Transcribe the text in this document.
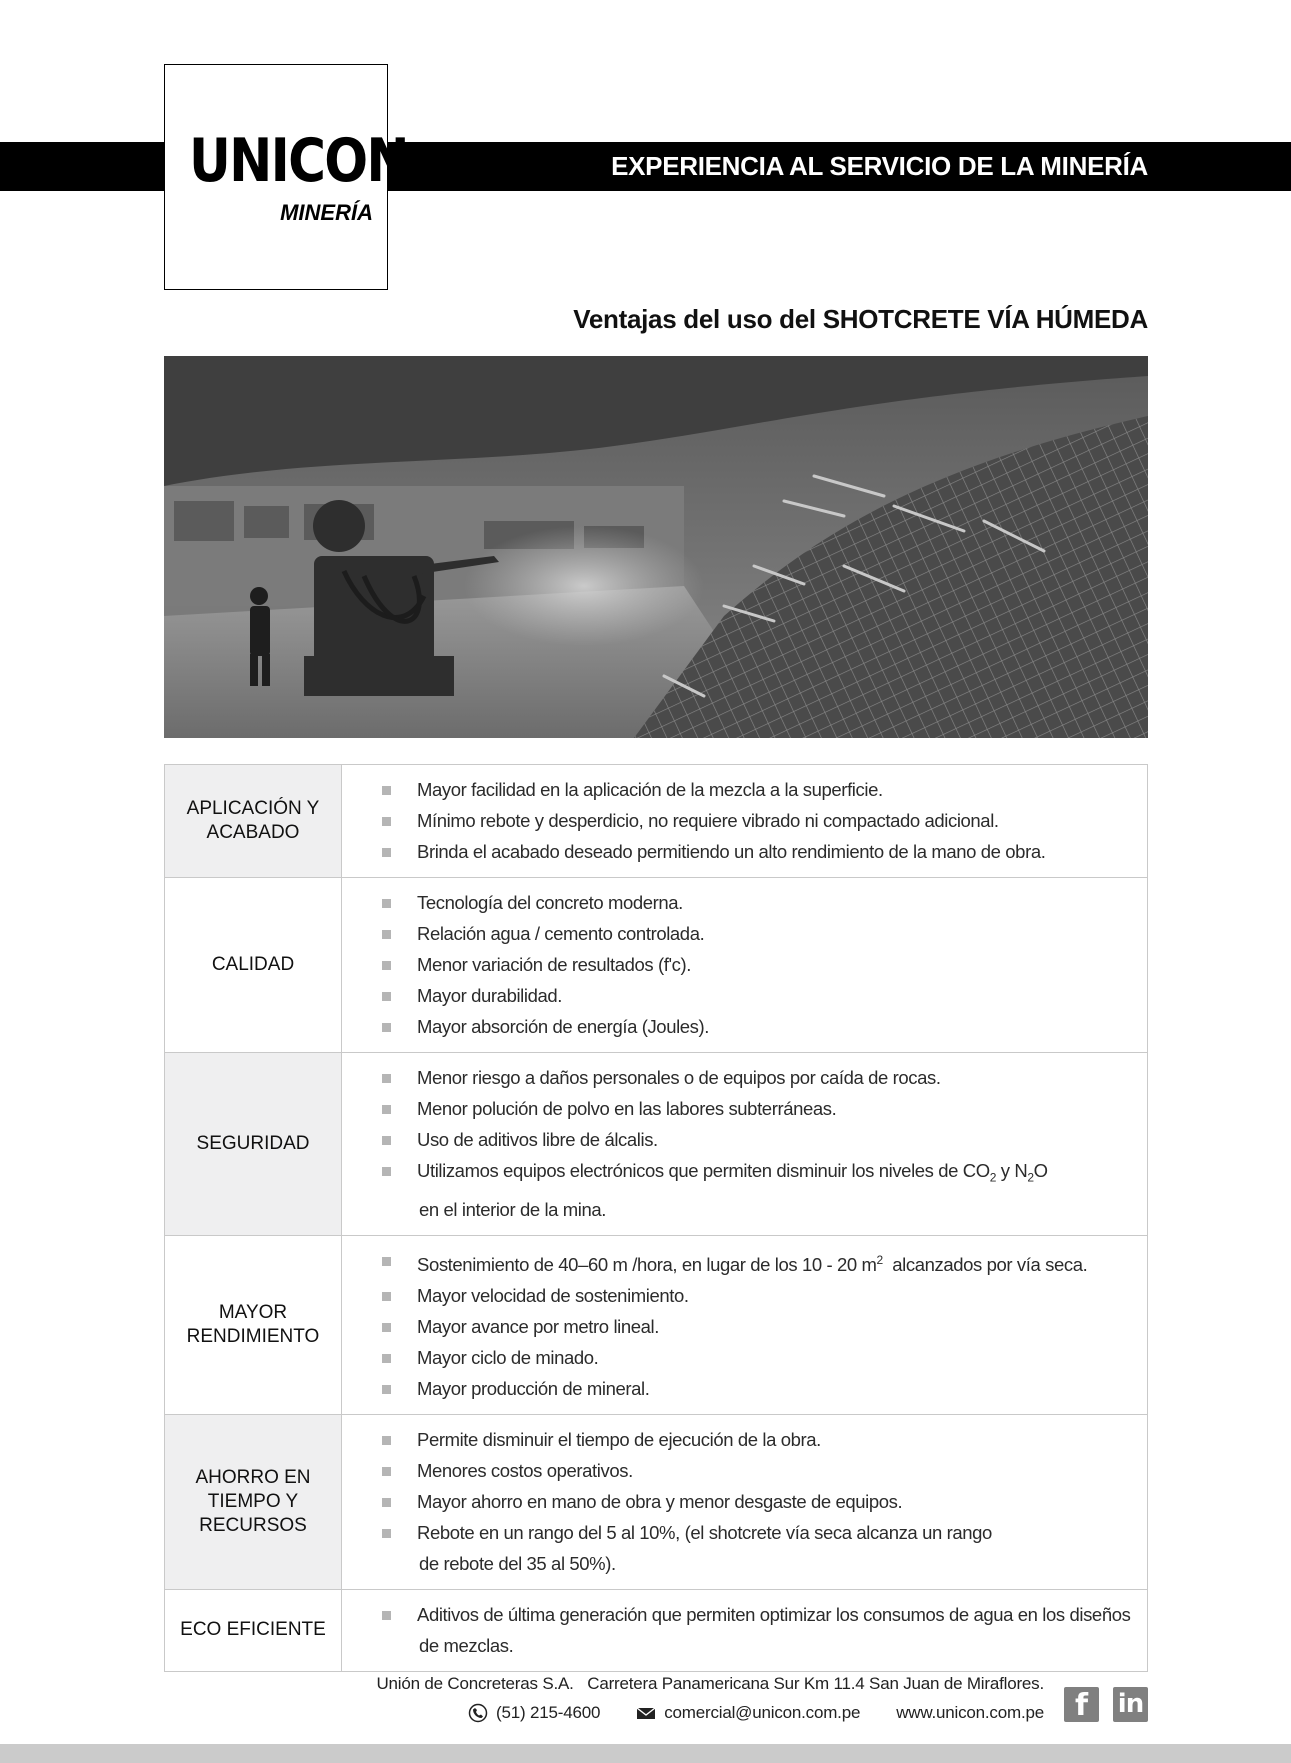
EXPERIENCIA AL SERVICIO DE LA MINERÍA
UNICON
MINERÍA
Ventajas del uso del SHOTCRETE VÍA HÚMEDA
APLICACIÓN Y ACABADO	Mayor facilidad en la aplicación de la mezcla a la superficie.
Mínimo rebote y desperdicio, no requiere vibrado ni compactado adicional.
Brinda el acabado deseado permitiendo un alto rendimiento de la mano de obra.

CALIDAD	Tecnología del concreto moderna.
Relación agua / cemento controlada.
Menor variación de resultados (f'c).
Mayor durabilidad.
Mayor absorción de energía (Joules).

SEGURIDAD	Menor riesgo a daños personales o de equipos por caída de rocas.
Menor polución de polvo en las labores subterráneas.
Uso de aditivos libre de álcalis.
Utilizamos equipos electrónicos que permiten disminuir los niveles de $CO_2$ y $N_2O$
en el interior de la mina.

MAYOR RENDIMIENTO	Sostenimiento de 40–60 m /hora, en lugar de los 10 - 20 $m^2$  alcanzados por vía seca.
Mayor velocidad de sostenimiento.
Mayor avance por metro lineal.
Mayor ciclo de minado.
Mayor producción de mineral.

AHORRO EN TIEMPO Y RECURSOS	Permite disminuir el tiempo de ejecución de la obra.
Menores costos operativos.
Mayor ahorro en mano de obra y menor desgaste de equipos.
Rebote en un rango del 5 al 10%, (el shotcrete vía seca alcanza un rango
de rebote del 35 al 50%).

ECO EFICIENTE	Aditivos de última generación que permiten optimizar los consumos de agua en los diseños
de mezclas.
Unión de Concreteras S.A.   Carretera Panamericana Sur Km 11.4 San Juan de Miraflores.
(51) 215-4600	comercial@unicon.com.pe www.unicon.com.pe	f	in
